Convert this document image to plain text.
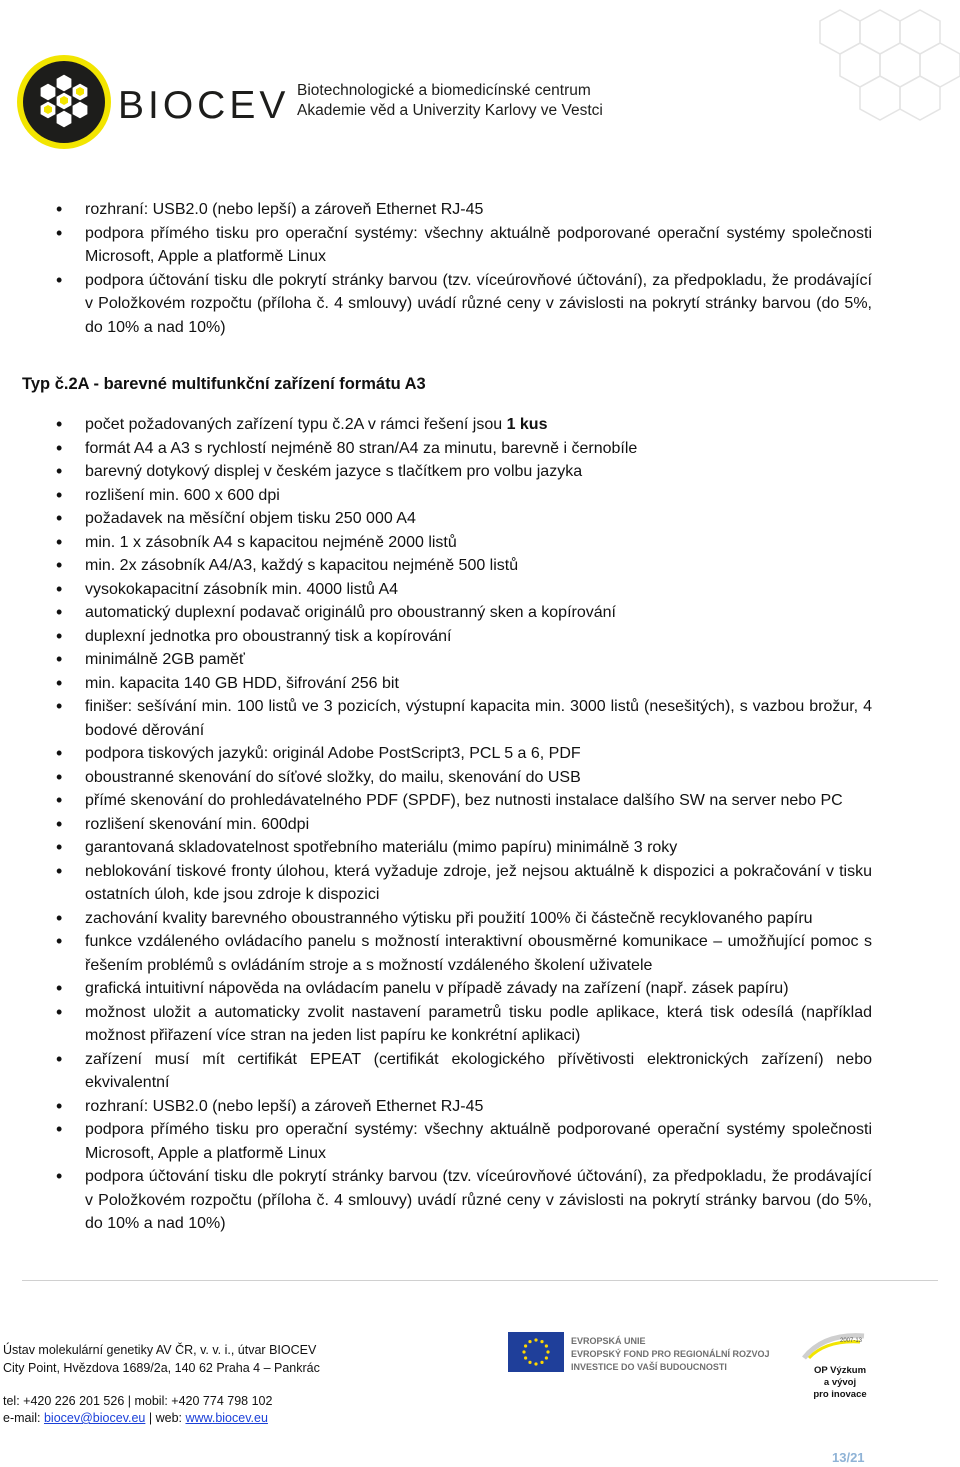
BIOCEV Biotechnologické a biomedicínské centrum
Akademie věd a Univerzity Karlovy ve Vestci
• rozhraní: USB2.0 (nebo lepší) a zároveň Ethernet RJ-45
• podpora přímého tisku pro operační systémy: všechny aktuálně podporované operační systémy společnosti Microsoft, Apple a platformě Linux
• podpora účtování tisku dle pokrytí stránky barvou (tzv. víceúrovňové účtování), za předpokladu, že prodávající v Položkovém rozpočtu (příloha č. 4 smlouvy) uvádí různé ceny v závislosti na pokrytí stránky barvou (do 5%, do 10% a nad 10%)
Typ č.2A - barevné multifunkční zařízení formátu A3
• počet požadovaných zařízení typu č.2A v rámci řešení jsou 1 kus
• formát A4 a A3 s rychlostí nejméně 80 stran/A4 za minutu, barevně i černobíle
• barevný dotykový displej v českém jazyce s tlačítkem pro volbu jazyka
• rozlišení min. 600 x 600 dpi
• požadavek na měsíční objem tisku 250 000 A4
• min. 1 x zásobník A4 s kapacitou nejméně 2000 listů
• min. 2x zásobník A4/A3, každý s kapacitou nejméně 500 listů
• vysokokapacitní zásobník min. 4000 listů A4
• automatický duplexní podavač originálů pro oboustranný sken a kopírování
• duplexní jednotka pro oboustranný tisk a kopírování
• minimálně 2GB paměť
• min. kapacita 140 GB HDD, šifrování 256 bit
• finišer: sešívání min. 100 listů ve 3 pozicích, výstupní kapacita min. 3000 listů (nesešitých), s vazbou brožur, 4 bodové děrování
• podpora tiskových jazyků: originál Adobe PostScript3, PCL 5 a 6, PDF
• oboustranné skenování do síťové složky, do mailu, skenování do USB
• přímé skenování do prohledávatelného PDF (SPDF), bez nutnosti instalace dalšího SW na server nebo PC
• rozlišení skenování min. 600dpi
• garantovaná skladovatelnost spotřebního materiálu (mimo papíru) minimálně 3 roky
• neblokování tiskové fronty úlohou, která vyžaduje zdroje, jež nejsou aktuálně k dispozici a pokračování v tisku ostatních úloh, kde jsou zdroje k dispozici
• zachování kvality barevného oboustranného výtisku při použití 100% či částečně recyklovaného papíru
• funkce vzdáleného ovládacího panelu s možností interaktivní obousměrné komunikace – umožňující pomoc s řešením problémů s ovládáním stroje a s možností vzdáleného školení uživatele
• grafická intuitivní nápověda na ovládacím panelu v případě závady na zařízení (např. zásek papíru)
• možnost uložit a automaticky zvolit nastavení parametrů tisku podle aplikace, která tisk odesílá (například možnost přiřazení více stran na jeden list papíru ke konkrétní aplikaci)
• zařízení musí mít certifikát EPEAT (certifikát ekologického přívětivosti elektronických zařízení) nebo ekvivalentní
• rozhraní: USB2.0 (nebo lepší) a zároveň Ethernet RJ-45
• podpora přímého tisku pro operační systémy: všechny aktuálně podporované operační systémy společnosti Microsoft, Apple a platformě Linux
• podpora účtování tisku dle pokrytí stránky barvou (tzv. víceúrovňové účtování), za předpokladu, že prodávající v Položkovém rozpočtu (příloha č. 4 smlouvy) uvádí různé ceny v závislosti na pokrytí stránky barvou (do 5%, do 10% a nad 10%)
Ústav molekulární genetiky AV ČR, v. v. i., útvar BIOCEV
City Point, Hvězdova 1689/2a, 140 62 Praha 4 – Pankrác
tel: +420 226 201 526 | mobil: +420 774 798 102
e-mail: biocev@biocev.eu | web: www.biocev.eu
EVROPSKÁ UNIE
EVROPSKÝ FOND PRO REGIONÁLNÍ ROZVOJ
INVESTICE DO VAŠÍ BUDOUCNOSTI
2007-13
OP Výzkum a vývoj
pro inovace
13/21
